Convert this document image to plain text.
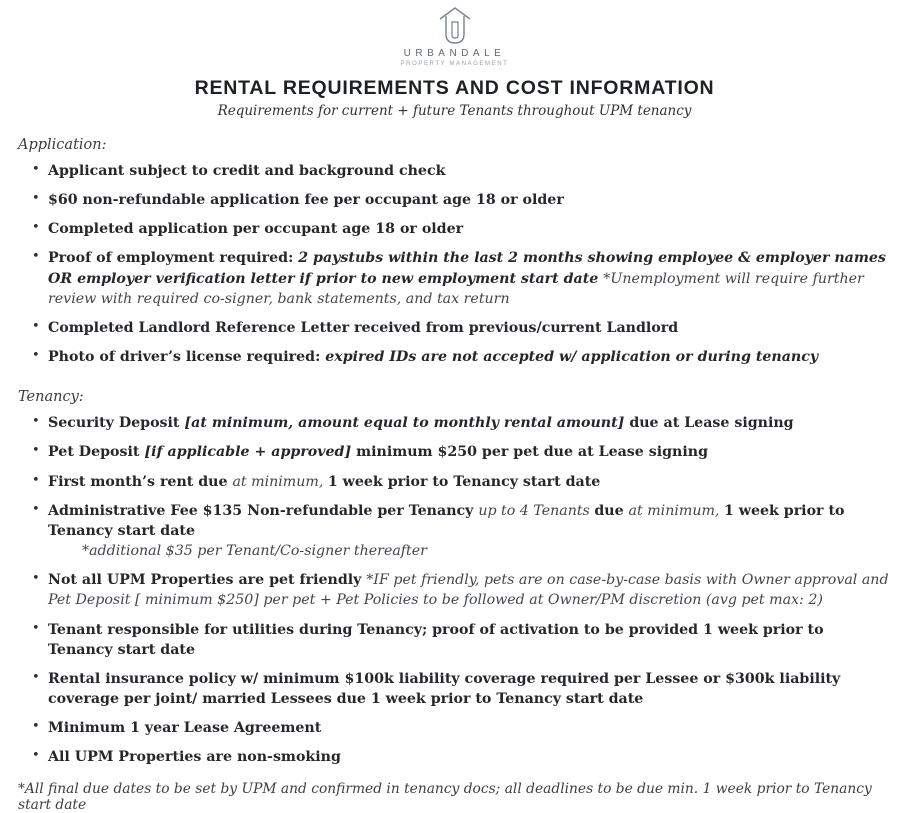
URBANDALE
PROPERTY MANAGEMENT
RENTAL REQUIREMENTS AND COST INFORMATION
Requirements for current + future Tenants throughout UPM tenancy
Application:
• Applicant subject to credit and background check
• $60 non-refundable application fee per occupant age 18 or older
• Completed application per occupant age 18 or older
• Proof of employment required: 2 paystubs within the last 2 months showing employee & employer names OR employer verification letter if prior to new employment start date *Unemployment will require further review with required co-signer, bank statements, and tax return
• Completed Landlord Reference Letter received from previous/current Landlord
• Photo of driver’s license required: expired IDs are not accepted w/ application or during tenancy
Tenancy:
• Security Deposit [at minimum, amount equal to monthly rental amount] due at Lease signing
• Pet Deposit [if applicable + approved] minimum $250 per pet due at Lease signing
• First month’s rent due at minimum, 1 week prior to Tenancy start date
• Administrative Fee $135 Non-refundable per Tenancy up to 4 Tenants due at minimum, 1 week prior to Tenancy start date
*additional $35 per Tenant/Co-signer thereafter
• Not all UPM Properties are pet friendly *IF pet friendly, pets are on case-by-case basis with Owner approval and Pet Deposit [ minimum $250] per pet + Pet Policies to be followed at Owner/PM discretion (avg pet max: 2)
• Tenant responsible for utilities during Tenancy; proof of activation to be provided 1 week prior to Tenancy start date
• Rental insurance policy w/ minimum $100k liability coverage required per Lessee or $300k liability coverage per joint/ married Lessees due 1 week prior to Tenancy start date
• Minimum 1 year Lease Agreement
• All UPM Properties are non-smoking
*All final due dates to be set by UPM and confirmed in tenancy docs; all deadlines to be due min. 1 week prior to Tenancy start date
